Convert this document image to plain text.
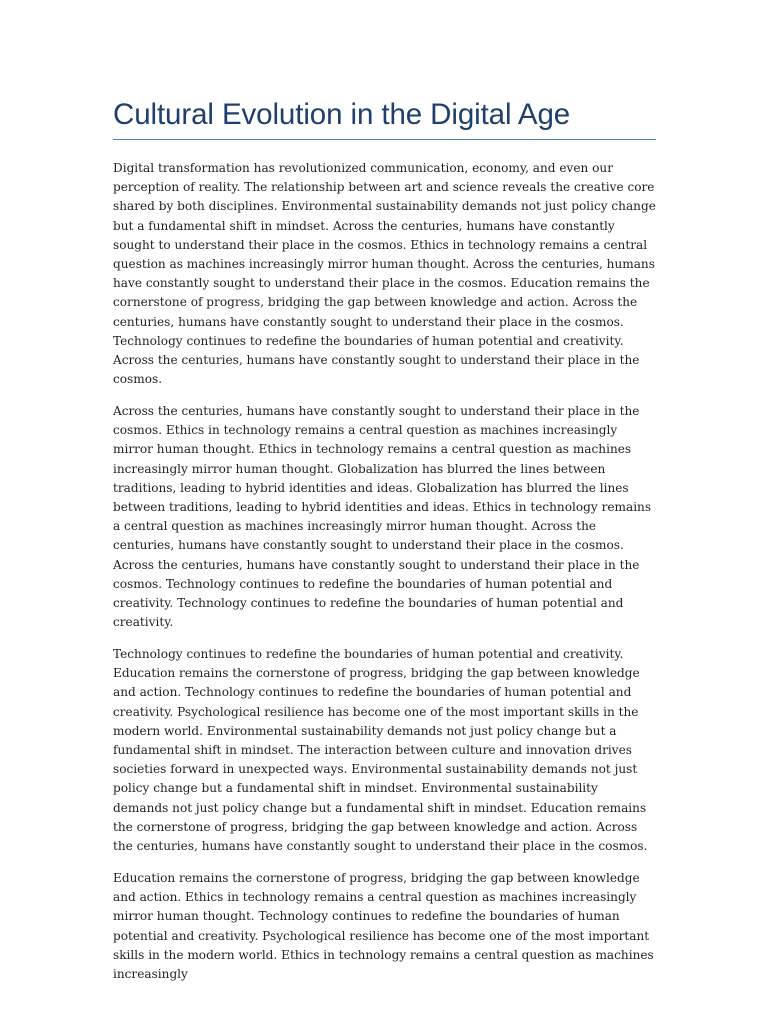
Cultural Evolution in the Digital Age

Digital transformation has revolutionized communication, economy, and even our perception of reality. The relationship between art and science reveals the creative core shared by both disciplines. Environmental sustainability demands not just policy change but a fundamental shift in mindset. Across the centuries, humans have constantly sought to understand their place in the cosmos. Ethics in technology remains a central question as machines increasingly mirror human thought. Across the centuries, humans have constantly sought to understand their place in the cosmos. Education remains the cornerstone of progress, bridging the gap between knowledge and action. Across the centuries, humans have constantly sought to understand their place in the cosmos. Technology continues to redefine the boundaries of human potential and creativity. Across the centuries, humans have constantly sought to understand their place in the cosmos.

Across the centuries, humans have constantly sought to understand their place in the cosmos. Ethics in technology remains a central question as machines increasingly mirror human thought. Ethics in technology remains a central question as machines increasingly mirror human thought. Globalization has blurred the lines between traditions, leading to hybrid identities and ideas. Globalization has blurred the lines between traditions, leading to hybrid identities and ideas. Ethics in technology remains a central question as machines increasingly mirror human thought. Across the centuries, humans have constantly sought to understand their place in the cosmos. Across the centuries, humans have constantly sought to understand their place in the cosmos. Technology continues to redefine the boundaries of human potential and creativity. Technology continues to redefine the boundaries of human potential and creativity.

Technology continues to redefine the boundaries of human potential and creativity. Education remains the cornerstone of progress, bridging the gap between knowledge and action. Technology continues to redefine the boundaries of human potential and creativity. Psychological resilience has become one of the most important skills in the modern world. Environmental sustainability demands not just policy change but a fundamental shift in mindset. The interaction between culture and innovation drives societies forward in unexpected ways. Environmental sustainability demands not just policy change but a fundamental shift in mindset. Environmental sustainability demands not just policy change but a fundamental shift in mindset. Education remains the cornerstone of progress, bridging the gap between knowledge and action. Across the centuries, humans have constantly sought to understand their place in the cosmos.

Education remains the cornerstone of progress, bridging the gap between knowledge and action. Ethics in technology remains a central question as machines increasingly mirror human thought. Technology continues to redefine the boundaries of human potential and creativity. Psychological resilience has become one of the most important skills in the modern world. Ethics in technology remains a central question as machines increasingly
